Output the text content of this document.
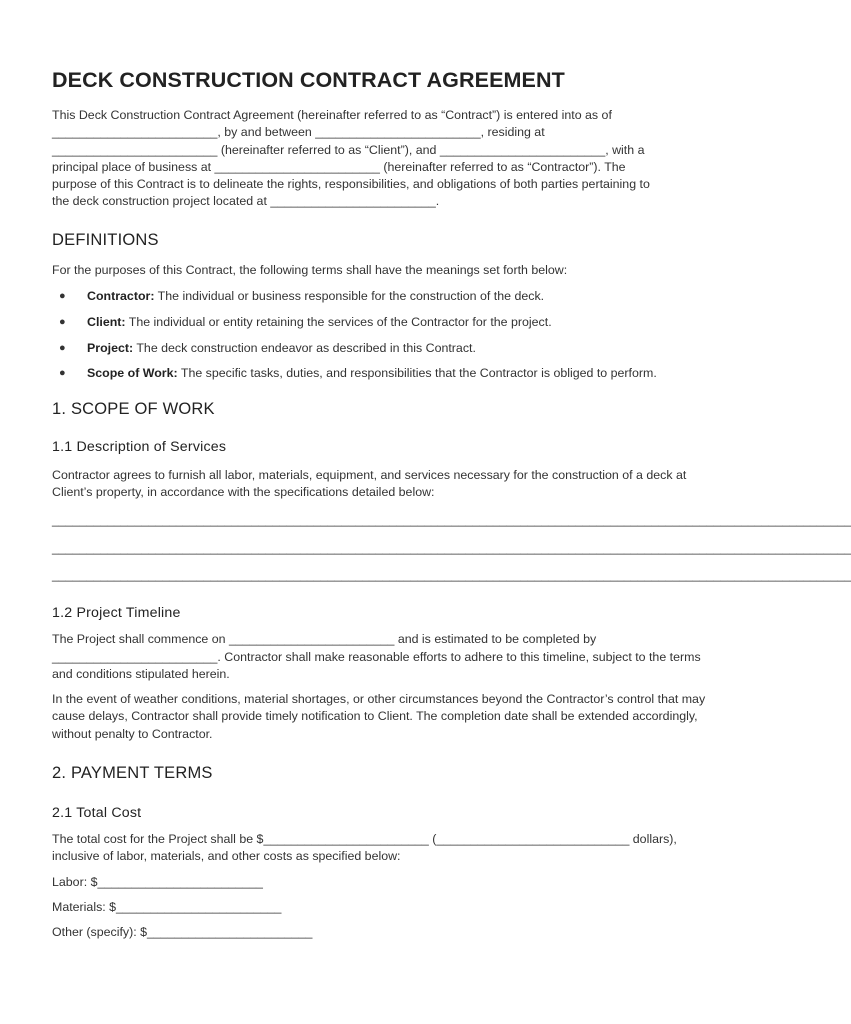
DECK CONSTRUCTION CONTRACT AGREEMENT

This Deck Construction Contract Agreement (hereinafter referred to as “Contract”) is entered into as of
________________________, by and between ________________________, residing at
________________________ (hereinafter referred to as “Client”), and ________________________, with a
principal place of business at ________________________ (hereinafter referred to as “Contractor”). The
purpose of this Contract is to delineate the rights, responsibilities, and obligations of both parties pertaining to
the deck construction project located at ________________________.

DEFINITIONS

For the purposes of this Contract, the following terms shall have the meanings set forth below:

● Contractor: The individual or business responsible for the construction of the deck.
● Client: The individual or entity retaining the services of the Contractor for the project.
● Project: The deck construction endeavor as described in this Contract.
● Scope of Work: The specific tasks, duties, and responsibilities that the Contractor is obliged to perform.
1. SCOPE OF WORK
1.1 Description of Services

Contractor agrees to furnish all labor, materials, equipment, and services necessary for the construction of a deck at Client’s property, in accordance with the specifications detailed below:

____________________________________________________________________________________________________________________
____________________________________________________________________________________________________________________
____________________________________________________________________________________________________________________
1.2 Project Timeline

The Project shall commence on ________________________ and is estimated to be completed by ________________________. Contractor shall make reasonable efforts to adhere to this timeline, subject to the terms and conditions stipulated herein.

In the event of weather conditions, material shortages, or other circumstances beyond the Contractor’s control that may cause delays, Contractor shall provide timely notification to Client. The completion date shall be extended accordingly, without penalty to Contractor.

2. PAYMENT TERMS
2.1 Total Cost

The total cost for the Project shall be $________________________ (____________________________ dollars), inclusive of labor, materials, and other costs as specified below:

Labor: $________________________

Materials: $________________________

Other (specify): $________________________
